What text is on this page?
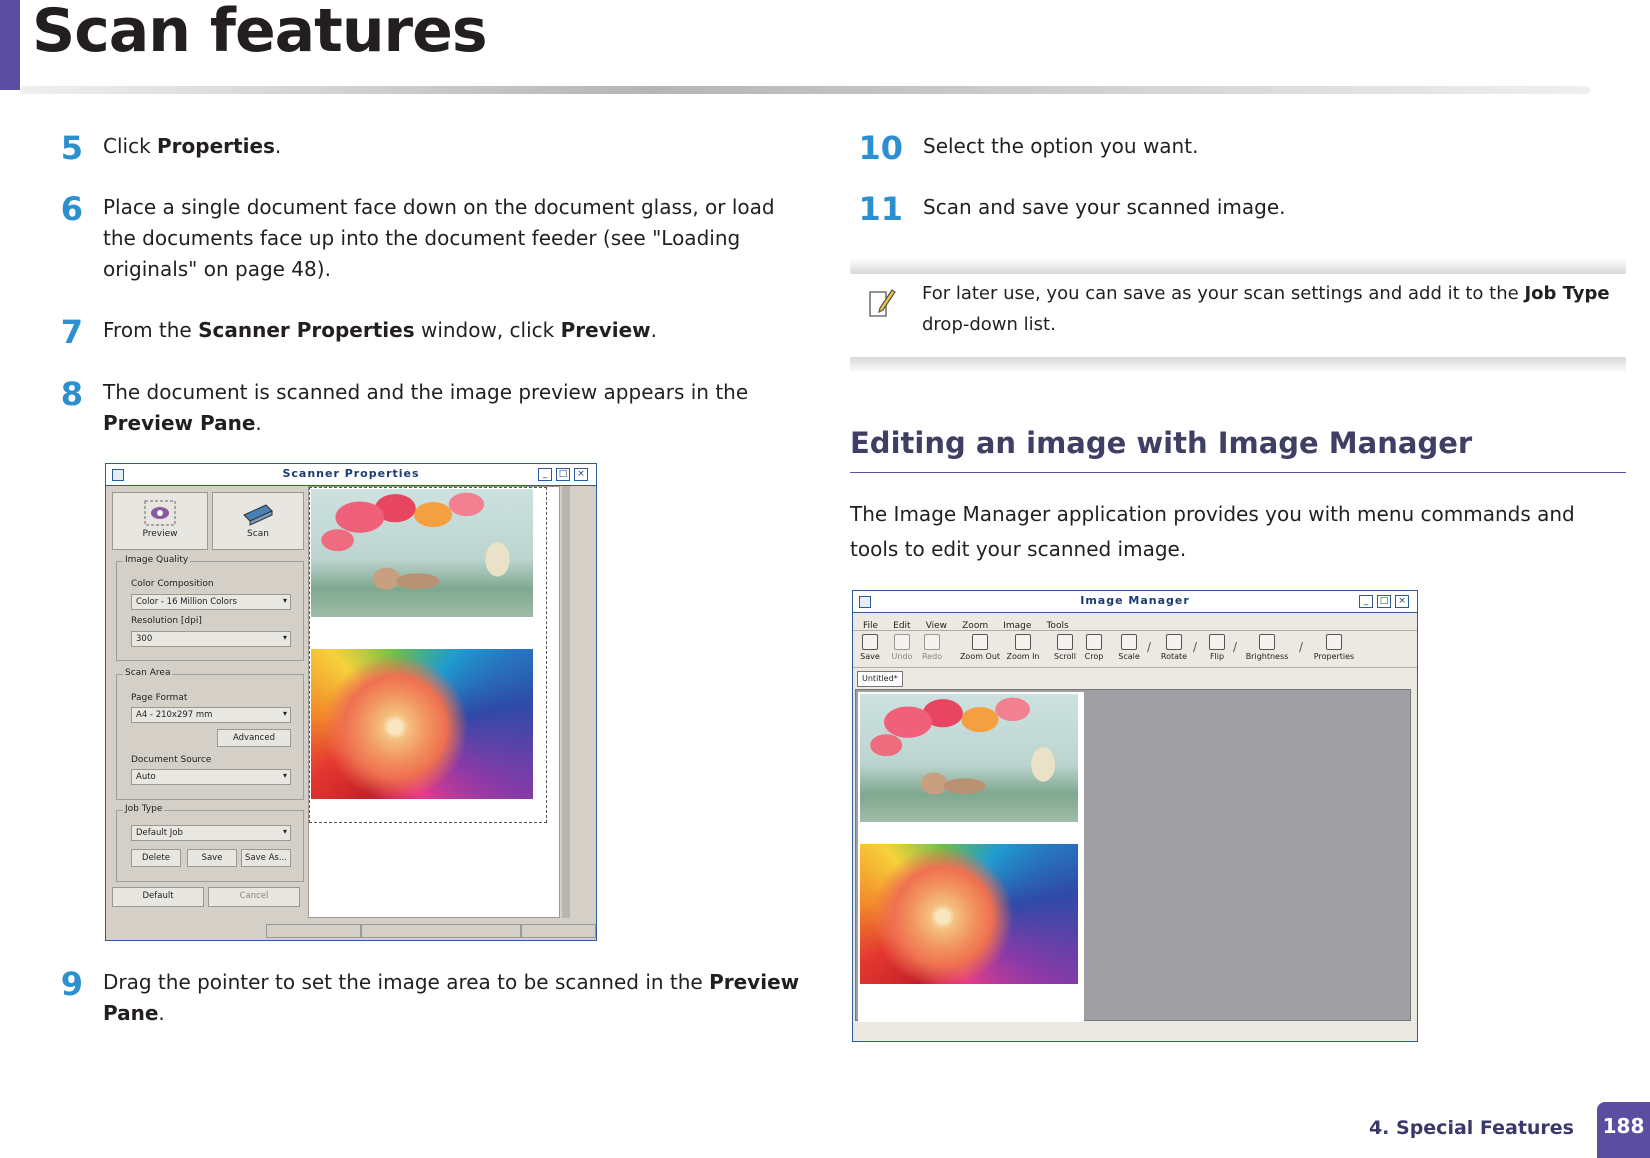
Scan features
5 Click Properties.
6 Place a single document face down on the document glass, or load the documents face up into the document feeder (see "Loading originals" on page 48).
7 From the Scanner Properties window, click Preview.
8 The document is scanned and the image preview appears in the Preview Pane.
Scanner Properties	_	□	×
Preview	Scan
Image Quality
Color Composition
Color - 16 Million Colors	▾
Resolution [dpi]
300	▾
Scan Area
Page Format
A4 - 210x297 mm	▾
Advanced
Document Source
Auto	▾
Job Type
Default Job	▾
Delete	Save	Save As...
Default	Cancel
9 Drag the pointer to set the image area to be scanned in the Preview Pane.
10 Select the option you want.
11 Scan and save your scanned image.
For later use, you can save as your scan settings and add it to the Job Type drop-down list.
Editing an image with Image Manager
The Image Manager application provides you with menu commands and tools to edit your scanned image.
Image Manager	_	□	×
File Edit View Zoom Image Tools
Save	Undo	Redo	Zoom Out Zoom In	Scroll	Crop	Scale
/
Rotate
/
Flip
/
Brightness
/
Properties
Untitled*
4. Special Features 188
